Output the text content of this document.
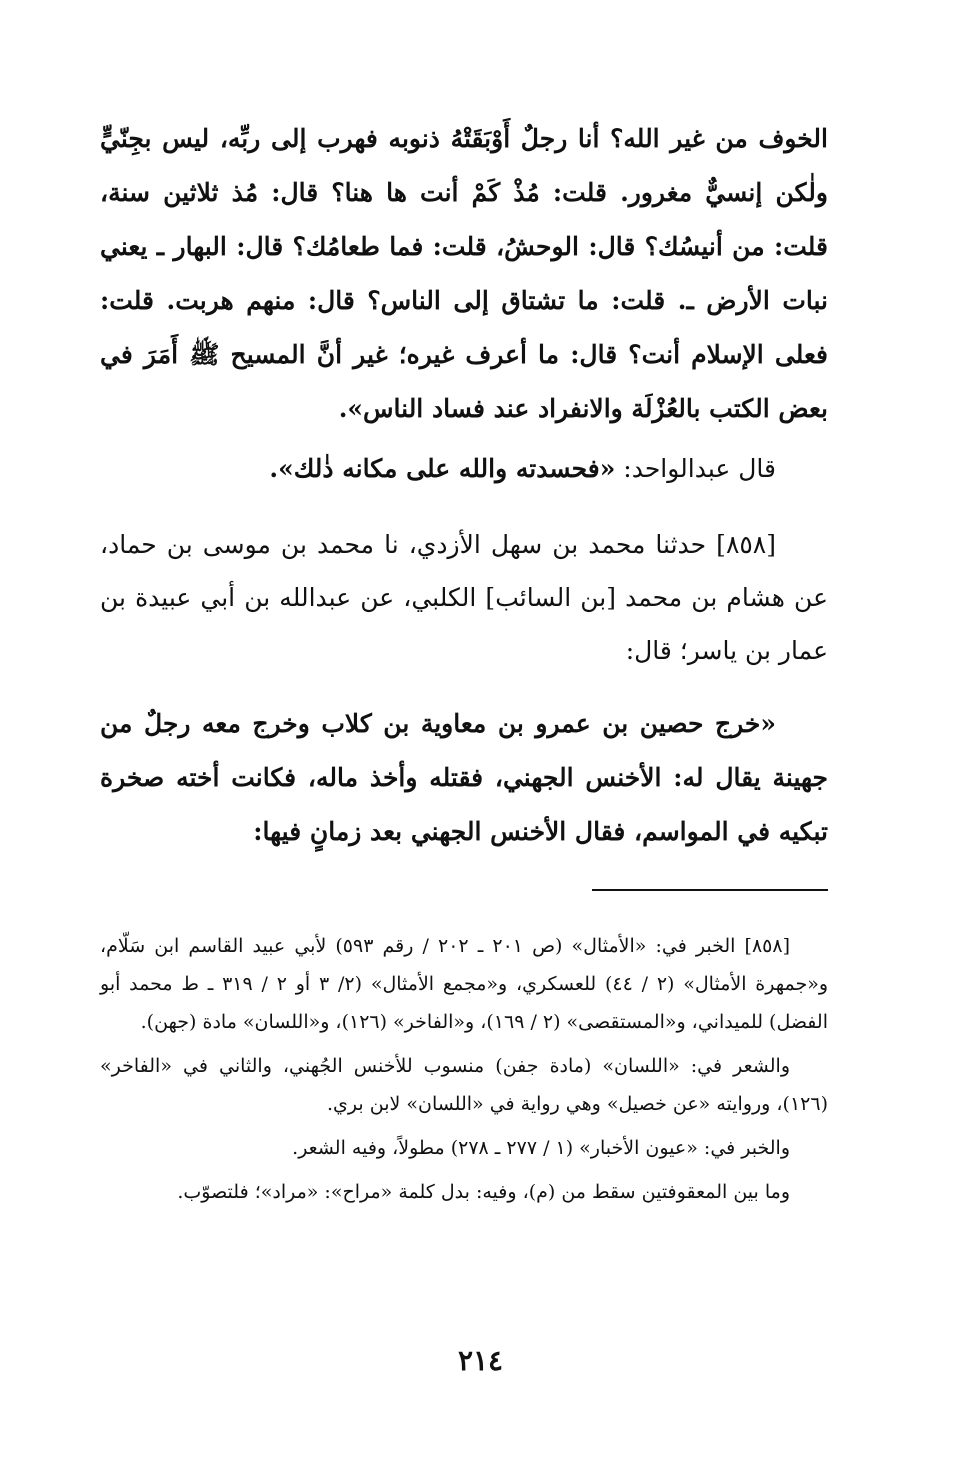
الخوف من غير الله؟ أنا رجلٌ أَوْبَقَتْهُ ذنوبه فهرب إلى ربِّه، ليس بجِنّيٍّ ولٰكن إنسيٌّ مغرور. قلت: مُذْ كَمْ أنت ها هنا؟ قال: مُذ ثلاثين سنة، قلت: من أنيسُك؟ قال: الوحشُ، قلت: فما طعامُك؟ قال: البهار ـ يعني نبات الأرض ـ. قلت: ما تشتاق إلى الناس؟ قال: منهم هربت. قلت: فعلى الإسلام أنت؟ قال: ما أعرف غيره؛ غير أنَّ المسيح ﷺ أَمَرَ في بعض الكتب بالعُزْلَة والانفراد عند فساد الناس».

قال عبدالواحد: «فحسدته والله على مكانه ذٰلك».

[٨٥٨] حدثنا محمد بن سهل الأزدي، نا محمد بن موسى بن حماد، عن هشام بن محمد [بن السائب] الكلبي، عن عبدالله بن أبي عبيدة بن عمار بن ياسر؛ قال:

«خرج حصين بن عمرو بن معاوية بن كلاب وخرج معه رجلٌ من جهينة يقال له: الأخنس الجهني، فقتله وأخذ ماله، فكانت أخته صخرة تبكيه في المواسم، فقال الأخنس الجهني بعد زمانٍ فيها:

[٨٥٨] الخبر في: «الأمثال» (ص ٢٠١ ـ ٢٠٢ / رقم ٥٩٣) لأبي عبيد القاسم ابن سَلّام، و«جمهرة الأمثال» (٢ / ٤٤) للعسكري، و«مجمع الأمثال» (٢/ ٣ أو ٢ / ٣١٩ ـ ط محمد أبو الفضل) للميداني، و«المستقصى» (٢ / ١٦٩)، و«الفاخر» (١٢٦)، و«اللسان» مادة (جهن).

والشعر في: «اللسان» (مادة جفن) منسوب للأخنس الجُهني، والثاني في «الفاخر» (١٢٦)، وروايته «عن خصيل» وهي رواية في «اللسان» لابن بري.

والخبر في: «عيون الأخبار» (١ / ٢٧٧ ـ ٢٧٨) مطولاً، وفيه الشعر.

وما بين المعقوفتين سقط من (م)، وفيه: بدل كلمة «مراح»: «مراد»؛ فلتصوّب.

٢١٤
